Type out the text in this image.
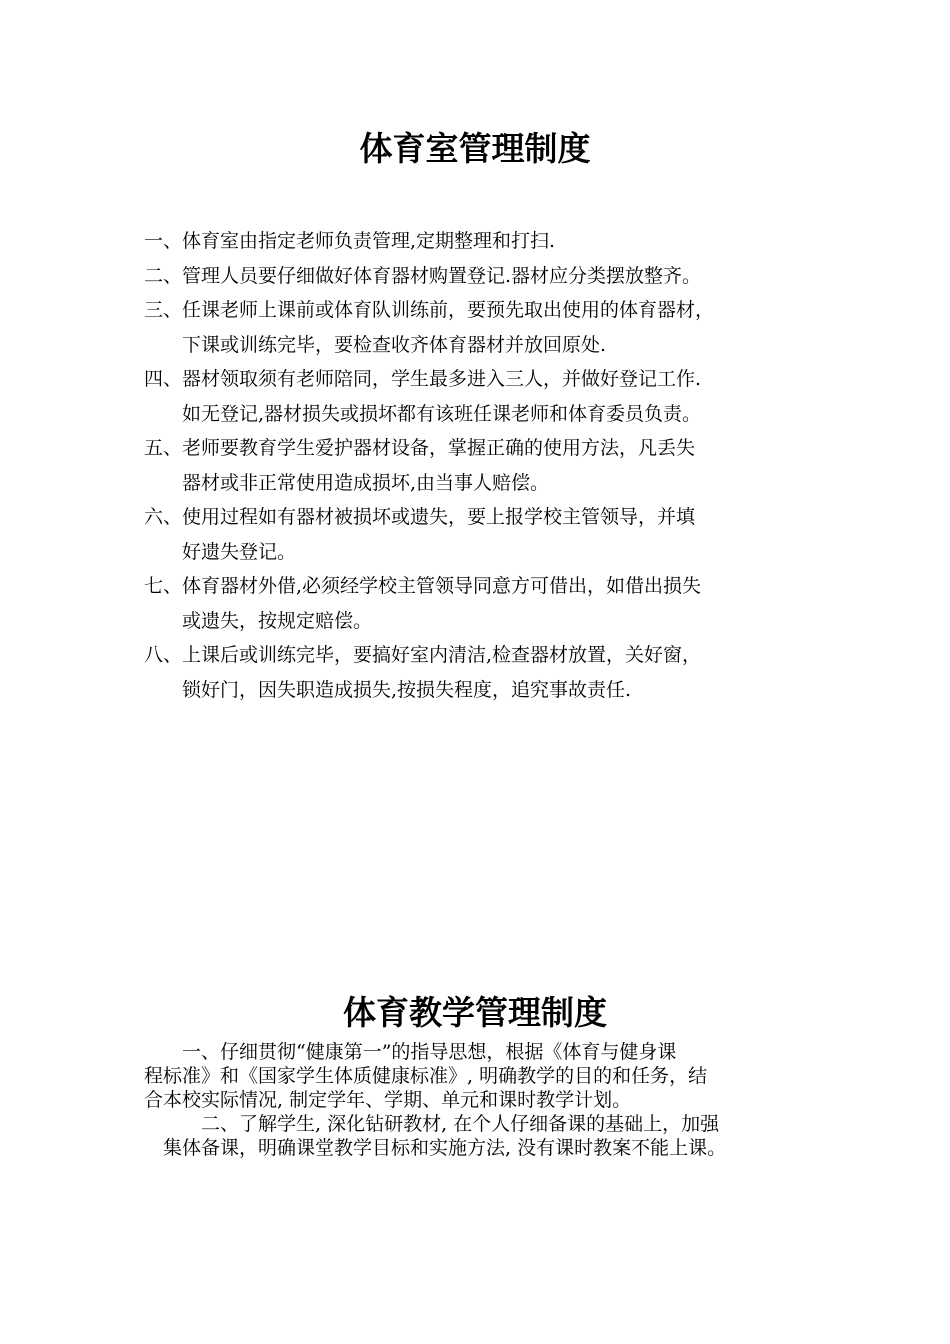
体育室管理制度
一、 体育室由指定老师负责管理,定期整理和打扫.
二、 管理人员要仔细做好体育器材购置登记.器材应分类摆放整齐。
三、 任课老师上课前或体育队训练前，要预先取出使用的体育器材，
下课或训练完毕，要检查收齐体育器材并放回原处.
四、 器材领取须有老师陪同，学生最多进入三人，并做好登记工作.
如无登记,器材损失或损坏都有该班任课老师和体育委员负责。
五、 老师要教育学生爱护器材设备，掌握正确的使用方法，凡丢失
器材或非正常使用造成损坏,由当事人赔偿。
六、 使用过程如有器材被损坏或遗失，要上报学校主管领导，并填
好遗失登记。
七、 体育器材外借,必须经学校主管领导同意方可借出，如借出损失
或遗失，按规定赔偿。
八、 上课后或训练完毕，要搞好室内清洁,检查器材放置，关好窗，
锁好门，因失职造成损失,按损失程度，追究事故责任.
体育教学管理制度

　　一、仔细贯彻“健康第一”的指导思想，根据《体育与健身课
程标准》和《国家学生体质健康标准》, 明确教学的目的和任务，结
合本校实际情况, 制定学年、学期、单元和课时教学计划。

　　　二、了解学生, 深化钻研教材, 在个人仔细备课的基础上，加强
　集体备课，明确课堂教学目标和实施方法, 没有课时教案不能上课。
